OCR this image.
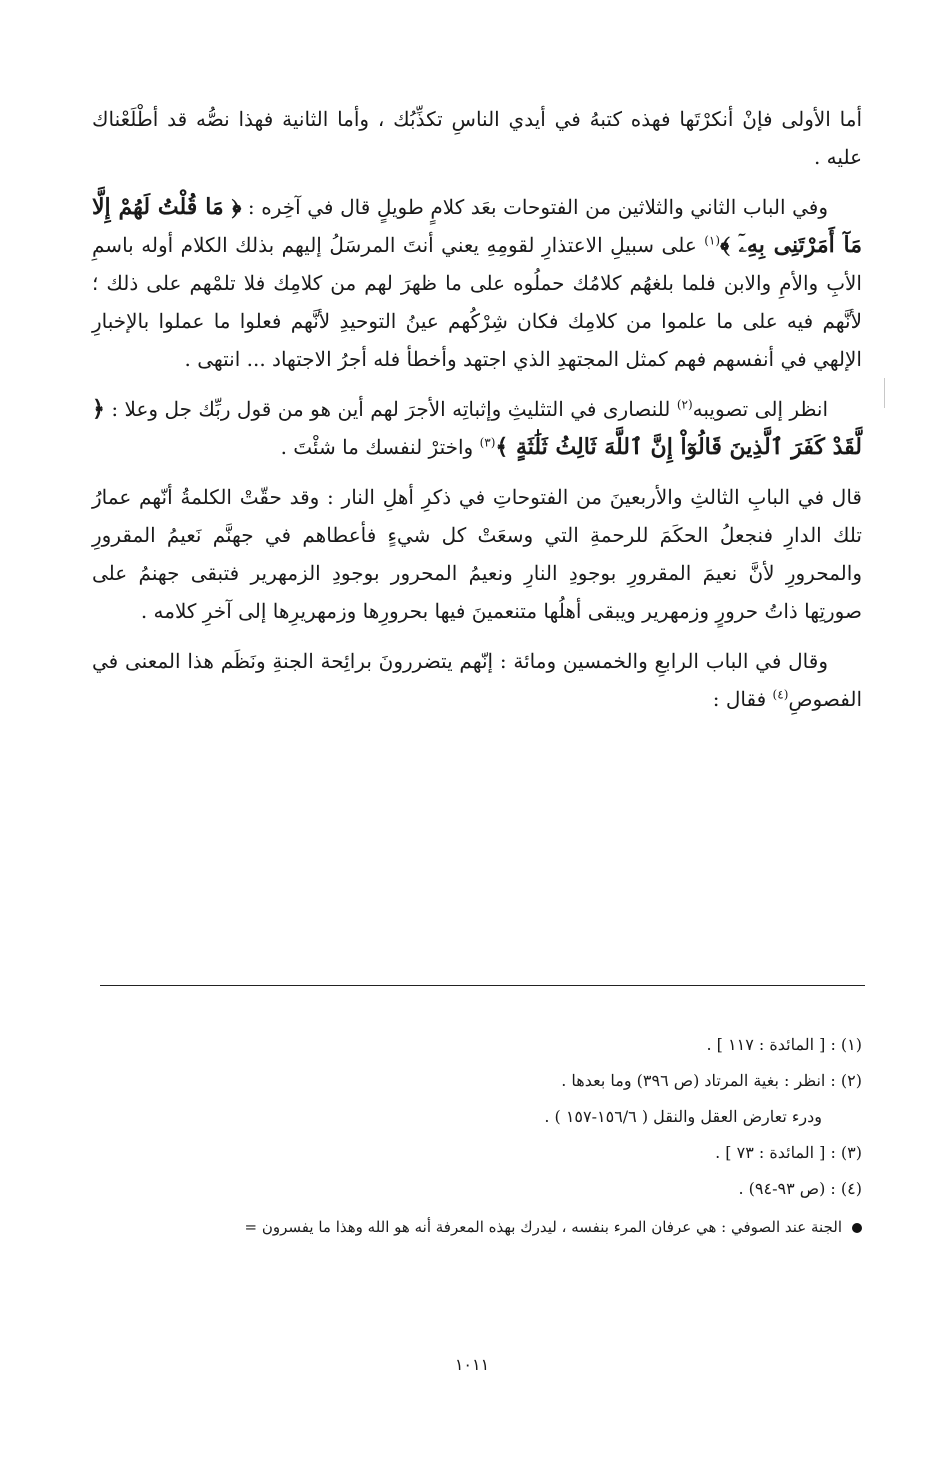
أما الأولى فإنْ أنكرْتَها فهذه كتبهُ في أيدي الناسِ تكذِّبُك ، وأما الثانية فهذا نصُّه قد أطْلَعْناك عليه .

وفي الباب الثاني والثلاثين من الفتوحات بعَد كلامٍ طويلٍ قال في آخِره : ﴿ مَا قُلْتُ لَهُمْ إِلَّا مَآ أَمَرْتَنِى بِهِۦٓ ﴾$^{(١)}$ على سبيلِ الاعتذارِ لقومِهِ يعني أنتَ المرسَلُ إليهم بذلك الكلام أوله باسمِ الأبِ والأمِ والابن فلما بلغهُم كلامُك حملُوه على ما ظهرَ لهم من كلامِك فلا تلمْهم على ذلك ؛ لأنَّهم فيه على ما علموا من كلامِك فكان شِرْكُهم عينُ التوحيدِ لأنَّهم فعلوا ما عملوا بالإخبارِ الإلهي في أنفسهم فهم كمثل المجتهدِ الذي اجتهد وأخطأ فله أجرُ الاجتهاد ... انتهى .

انظر إلى تصويبه$^{(٢)}$ للنصارى في التثليثِ وإثباتِه الأجرَ لهم أين هو من قول ربِّك جل وعلا : ﴿ لَّقَدْ كَفَرَ ٱلَّذِينَ قَالُوٓاْ إِنَّ ٱللَّهَ ثَالِثُ ثَلَٰثَةٍ ﴾$^{(٣)}$ واخترْ لنفسك ما شئْتَ .

قال في البابِ الثالثِ والأربعينَ من الفتوحاتِ في ذكرِ أهلِ النار : وقد حقّتْ الكلمةُ أنّهم عمارُ تلك الدارِ فنجعلُ الحكَمَ للرحمةِ التي وسعَتْ كل شيءٍ فأعطاهم في جهنَّم نَعيمُ المقرورِ والمحرورِ لأنَّ نعيمَ المقرورِ بوجودِ النارِ ونعيمُ المحرور بوجودِ الزمهرير فتبقى جهنمُ على صورتِها ذاتُ حرورٍ وزمهرير ويبقى أهلُها متنعمينَ فيها بحرورِها وزمهريرِها إلى آخرِ كلامه .

وقال في الباب الرابعِ والخمسين ومائة : إنّهم يتضررونَ برائِحة الجنةِ ونَظَم هذا المعنى في الفصوصِ$^{(٤)}$ فقال :

(١) : [ المائدة : ١١٧ ] .

(٢) : انظر : بغية المرتاد (ص ٣٩٦) وما بعدها .

ودرء تعارض العقل والنقل ( ١٥٦/٦-١٥٧ ) .

(٣) : [ المائدة : ٧٣ ] .

(٤) : (ص ٩٣-٩٤) .

الجنة عند الصوفي : هي عرفان المرء بنفسه ، ليدرك بهذه المعرفة أنه هو الله وهذا ما يفسرون =

١٠١١
